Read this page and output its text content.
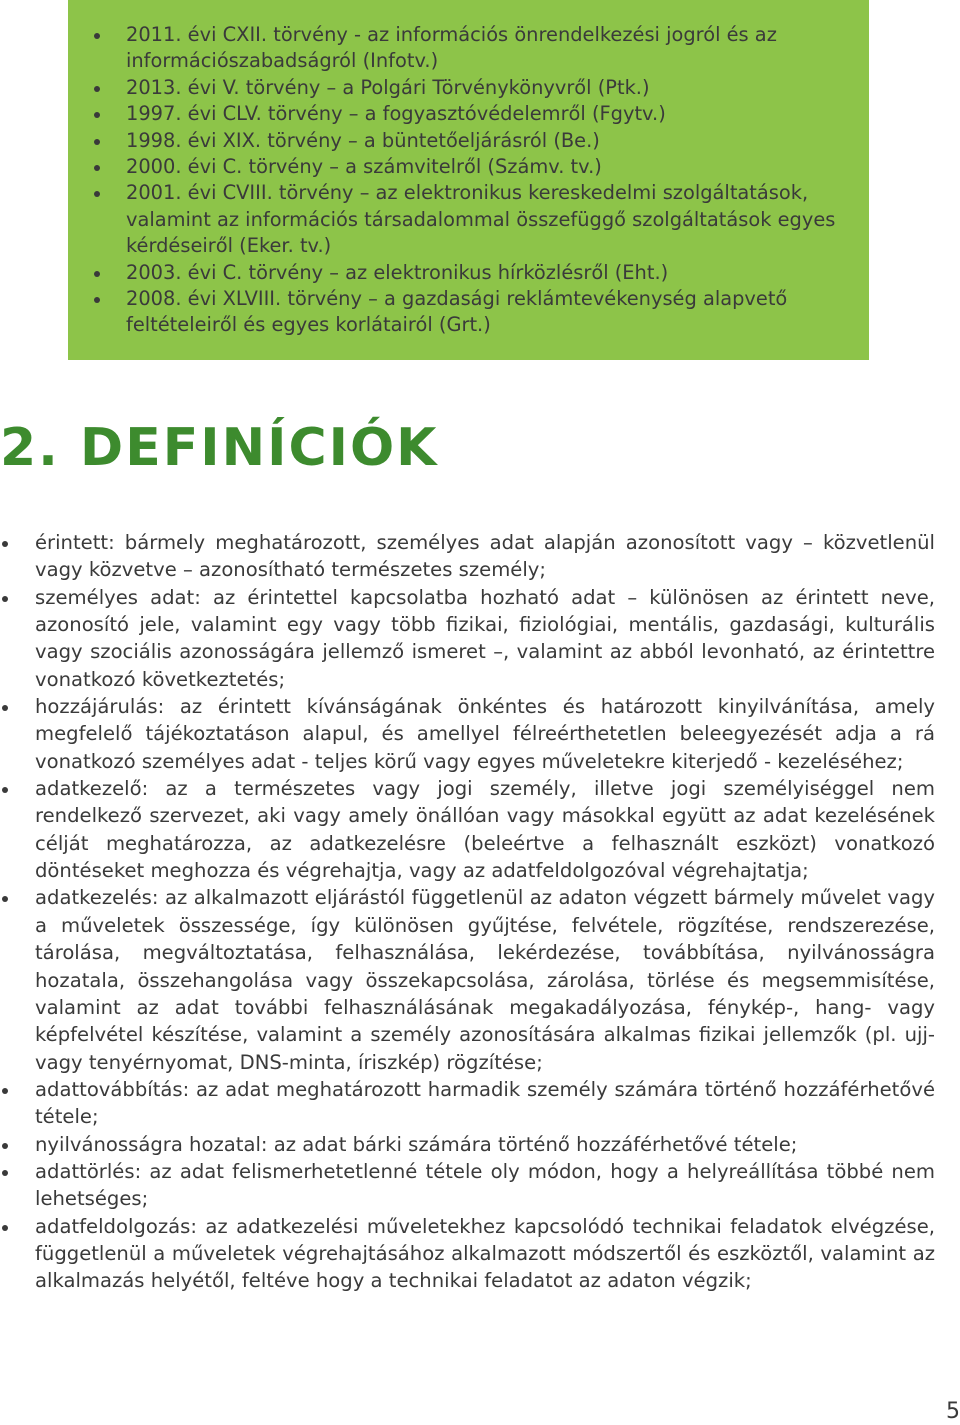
2011. évi CXII. törvény - az információs önrendelkezési jogról és az információszabadságról (Infotv.)
2013. évi V. törvény – a Polgári Törvénykönyvről (Ptk.)
1997. évi CLV. törvény – a fogyasztóvédelemről (Fgytv.)
1998. évi XIX. törvény – a büntetőeljárásról (Be.)
2000. évi C. törvény – a számvitelről (Számv. tv.)
2001. évi CVIII. törvény – az elektronikus kereskedelmi szolgáltatások, valamint az információs társadalommal összefüggő szolgáltatások egyes kérdéseiről (Eker. tv.)
2003. évi C. törvény – az elektronikus hírközlésről (Eht.)
2008. évi XLVIII. törvény – a gazdasági reklámtevékenység alapvető feltételeiről és egyes korlátairól (Grt.)
2. DEFINÍCIÓK
érintett: bármely meghatározott, személyes adat alapján azonosított vagy – közvetlenül vagy közvetve – azonosítható természetes személy;
személyes adat: az érintettel kapcsolatba hozható adat – különösen az érintett neve, azonosító jele, valamint egy vagy több fizikai, fiziológiai, mentális, gazdasági, kulturális vagy szociális azonosságára jellemző ismeret –, valamint az abból levonható, az érintettre vonatkozó következtetés;
hozzájárulás: az érintett kívánságának önkéntes és határozott kinyilvánítása, amely megfelelő tájékoztatáson alapul, és amellyel félreérthetetlen beleegyezését adja a rá vonatkozó személyes adat - teljes körű vagy egyes műveletekre kiterjedő - kezeléséhez;
adatkezelő: az a természetes vagy jogi személy, illetve jogi személyiséggel nem rendelkező szervezet, aki vagy amely önállóan vagy másokkal együtt az adat kezelésének célját meghatározza, az adatkezelésre (beleértve a felhasznált eszközt) vonatkozó döntéseket meghozza és végrehajtja, vagy az adatfeldolgozóval végrehajtatja;
adatkezelés: az alkalmazott eljárástól függetlenül az adaton végzett bármely művelet vagy a műveletek összessége, így különösen gyűjtése, felvétele, rögzítése, rendszerezése, tárolása, megváltoztatása, felhasználása, lekérdezése, továbbítása, nyilvánosságra hozatala, összehangolása vagy összekapcsolása, zárolása, törlése és megsemmisítése, valamint az adat további felhasználásának megakadályozása, fénykép-, hang- vagy képfelvétel készítése, valamint a személy azonosítására alkalmas fizikai jellemzők (pl. ujj- vagy tenyérnyomat, DNS-minta, íriszkép) rögzítése;
adattovábbítás: az adat meghatározott harmadik személy számára történő hozzáférhetővé tétele;
nyilvánosságra hozatal: az adat bárki számára történő hozzáférhetővé tétele;
adattörlés: az adat felismerhetetlenné tétele oly módon, hogy a helyreállítása többé nem lehetséges;
adatfeldolgozás: az adatkezelési műveletekhez kapcsolódó technikai feladatok elvégzése, függetlenül a műveletek végrehajtásához alkalmazott módszertől és eszköztől, valamint az alkalmazás helyétől, feltéve hogy a technikai feladatot az adaton végzik;
5
